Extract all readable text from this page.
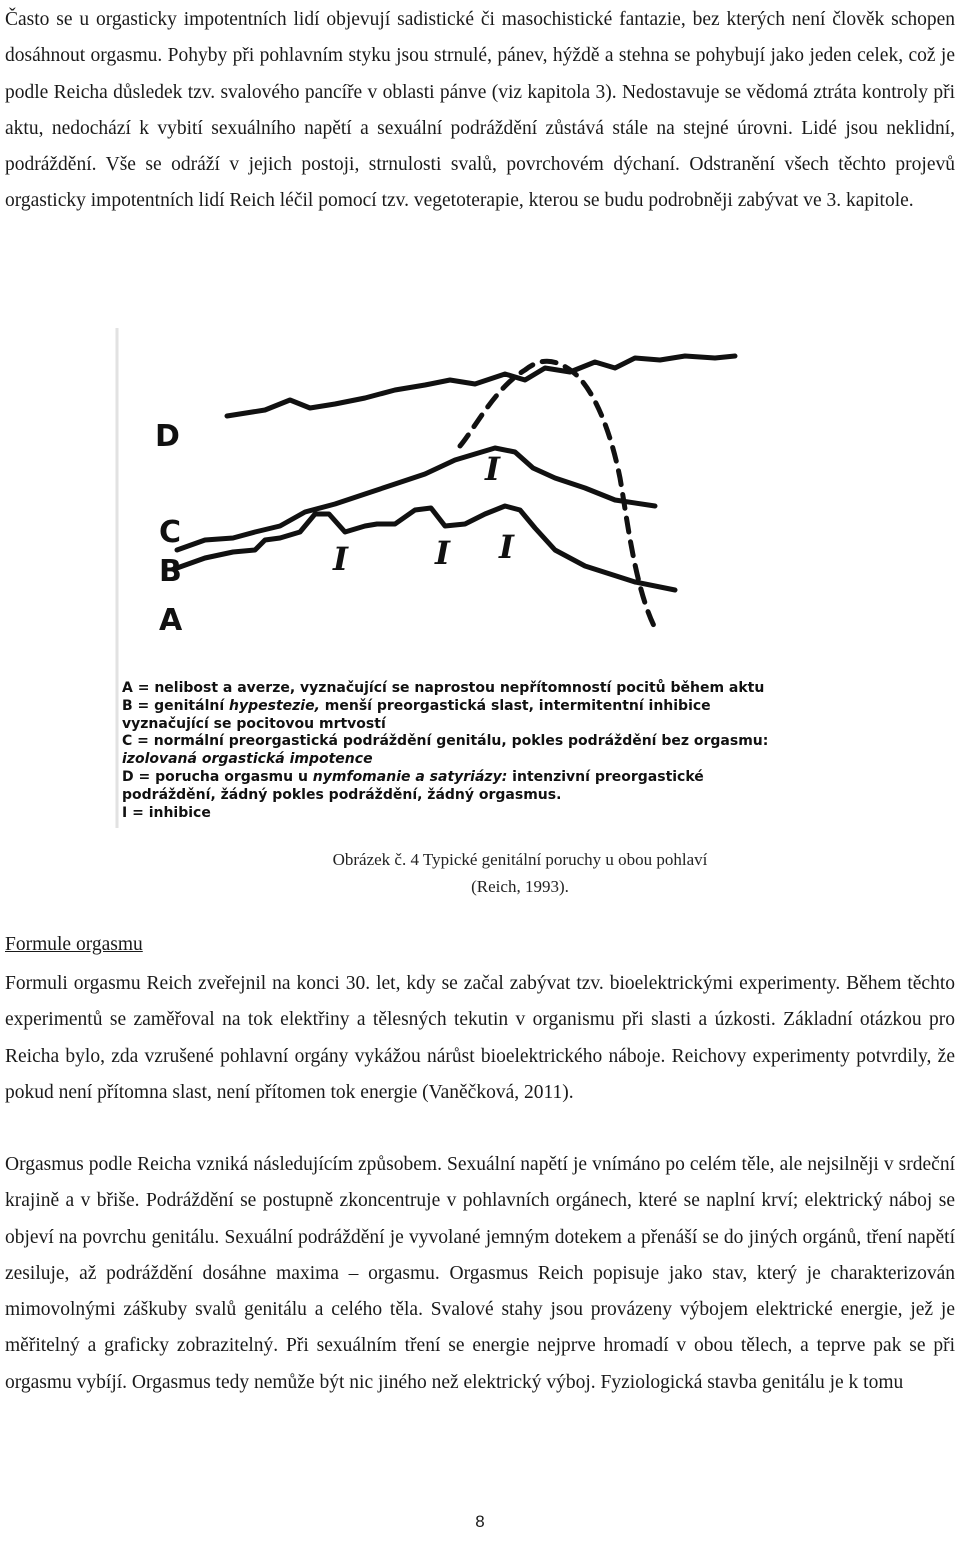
Často se u orgasticky impotentních lidí objevují sadistické či masochistické fantazie, bez kterých není člověk schopen dosáhnout orgasmu. Pohyby při pohlavním styku jsou strnulé, pánev, hýždě a stehna se pohybují jako jeden celek, což je podle Reicha důsledek tzv. svalového pancíře v oblasti pánve (viz kapitola 3). Nedostavuje se vědomá ztráta kontroly při aktu, nedochází k vybití sexuálního napětí a sexuální podráždění zůstává stále na stejné úrovni. Lidé jsou neklidní, podráždění. Vše se odráží v jejich postoji, strnulosti svalů, povrchovém dýchaní. Odstranění všech těchto projevů orgasticky impotentních lidí Reich léčil pomocí tzv. vegetoterapie, kterou se budu podrobněji zabývat ve 3. kapitole.

D
C
B
A
I	I I
I
A = nelibost a averze, vyznačující se naprostou nepřítomností pocitů během aktu
B = genitální hypestezie, menší preorgastická slast, intermitentní inhibice
vyznačující se pocitovou mrtvostí
C = normální preorgastická podráždění genitálu, pokles podráždění bez orgasmu:
izolovaná orgastická impotence
D = porucha orgasmu u nymfomanie a satyriázy: intenzivní preorgastické
podráždění, žádný pokles podráždění, žádný orgasmus.
I = inhibice
Obrázek č. 4 Typické genitální poruchy u obou pohlaví
(Reich, 1993).
Formule orgasmu

Formuli orgasmu Reich zveřejnil na konci 30. let, kdy se začal zabývat tzv. bioelektrickými experimenty. Během těchto experimentů se zaměřoval na tok elektřiny a tělesných tekutin v organismu při slasti a úzkosti. Základní otázkou pro Reicha bylo, zda vzrušené pohlavní orgány vykážou nárůst bioelektrického náboje. Reichovy experimenty potvrdily, že pokud není přítomna slast, není přítomen tok energie (Vaněčková, 2011).

Orgasmus podle Reicha vzniká následujícím způsobem. Sexuální napětí je vnímáno po celém těle, ale nejsilněji v srdeční krajině a v břiše. Podráždění se postupně zkoncentruje v pohlavních orgánech, které se naplní krví; elektrický náboj se objeví na povrchu genitálu. Sexuální podráždění je vyvolané jemným dotekem a přenáší se do jiných orgánů, tření napětí zesiluje, až podráždění dosáhne maxima – orgasmu. Orgasmus Reich popisuje jako stav, který je charakterizován mimovolnými záškuby svalů genitálu a celého těla. Svalové stahy jsou provázeny výbojem elektrické energie, jež je měřitelný a graficky zobrazitelný. Při sexuálním tření se energie nejprve hromadí v obou tělech, a teprve pak se při orgasmu vybíjí. Orgasmus tedy nemůže být nic jiného než elektrický výboj. Fyziologická stavba genitálu je k tomu

8
